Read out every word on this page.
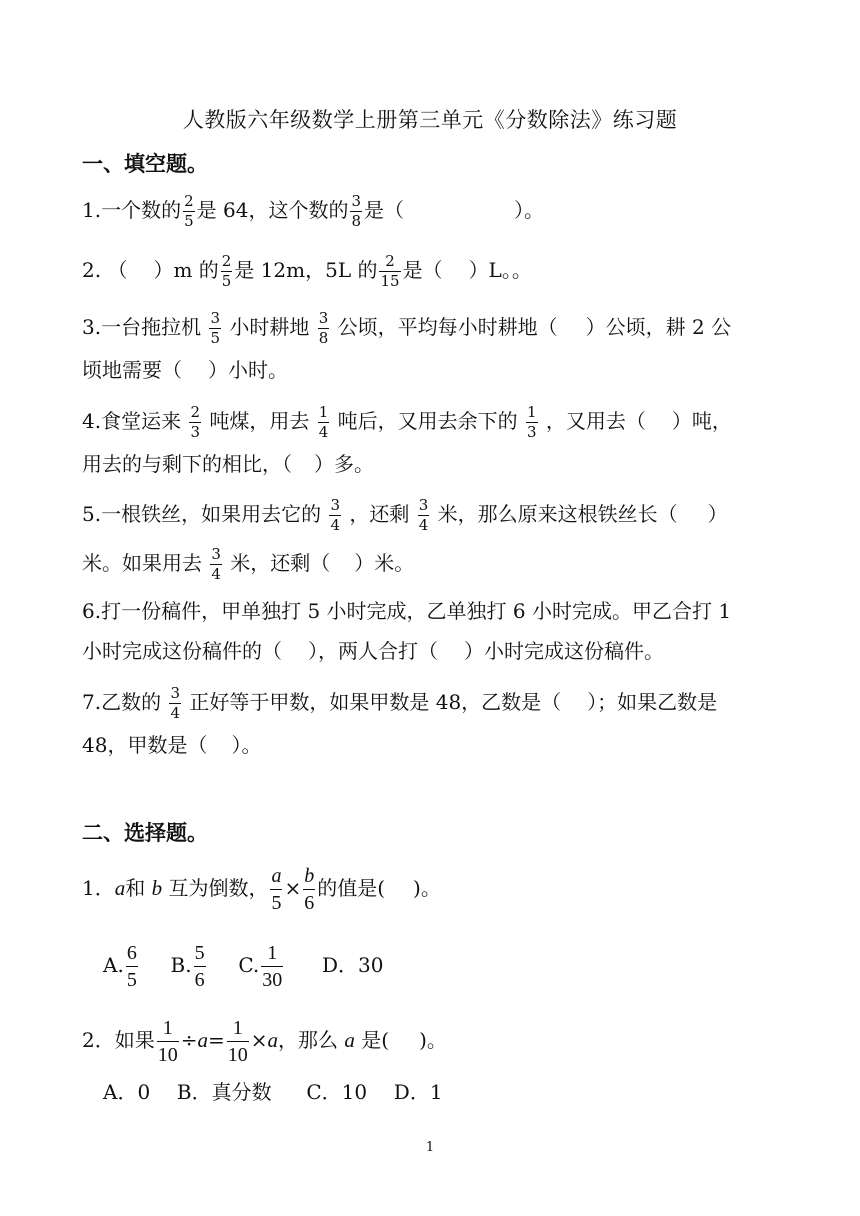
人教版六年级数学上册第三单元《分数除法》练习题
一、填空题。
1.一个数的 $\frac{2}{5}$ 是 64，这个数的 $\frac{3}{8}$ 是（	）。
2. （ ）m 的 $\frac{2}{5}$ 是 12m，5L 的 $\frac{2}{15}$ 是（ ）L。。
3.一台拖拉机 $\frac{3}{5}$ 小时耕地 $\frac{3}{8}$ 公顷，平均每小时耕地（ ）公顷，耕 2 公
顷地需要（ ）小时。
4.食堂运来 $\frac{2}{3}$ 吨煤，用去 $\frac{1}{4}$ 吨后，又用去余下的 $\frac{1}{3}$ ，又用去（ ）吨，
用去的与剩下的相比，（ ）多。
5.一根铁丝，如果用去它的 $\frac{3}{4}$ ，还剩 $\frac{3}{4}$ 米，那么原来这根铁丝长（ ）
米。如果用去 $\frac{3}{4}$ 米，还剩（ ）米。
6.打一份稿件，甲单独打 5 小时完成，乙单独打 6 小时完成。甲乙合打 1
小时完成这份稿件的（ ），两人合打（ ）小时完成这份稿件。
7.乙数的 $\frac{3}{4}$ 正好等于甲数，如果甲数是 48，乙数是（ ）；如果乙数是
48，甲数是（ ）。
二、选择题。
1．a和 b 互为倒数， $\frac{a}{5} \times \frac{b}{6}$ 的值是( )。
A. $\frac{6}{5} B$. $\frac{5}{6} C$. $\frac{1}{30}$ D．30
2．如果 $\frac{1}{10} \div a= \frac{1}{10} \times a$，那么 a 是( )。
A．0 B．真分数 C．10 D．1
1
